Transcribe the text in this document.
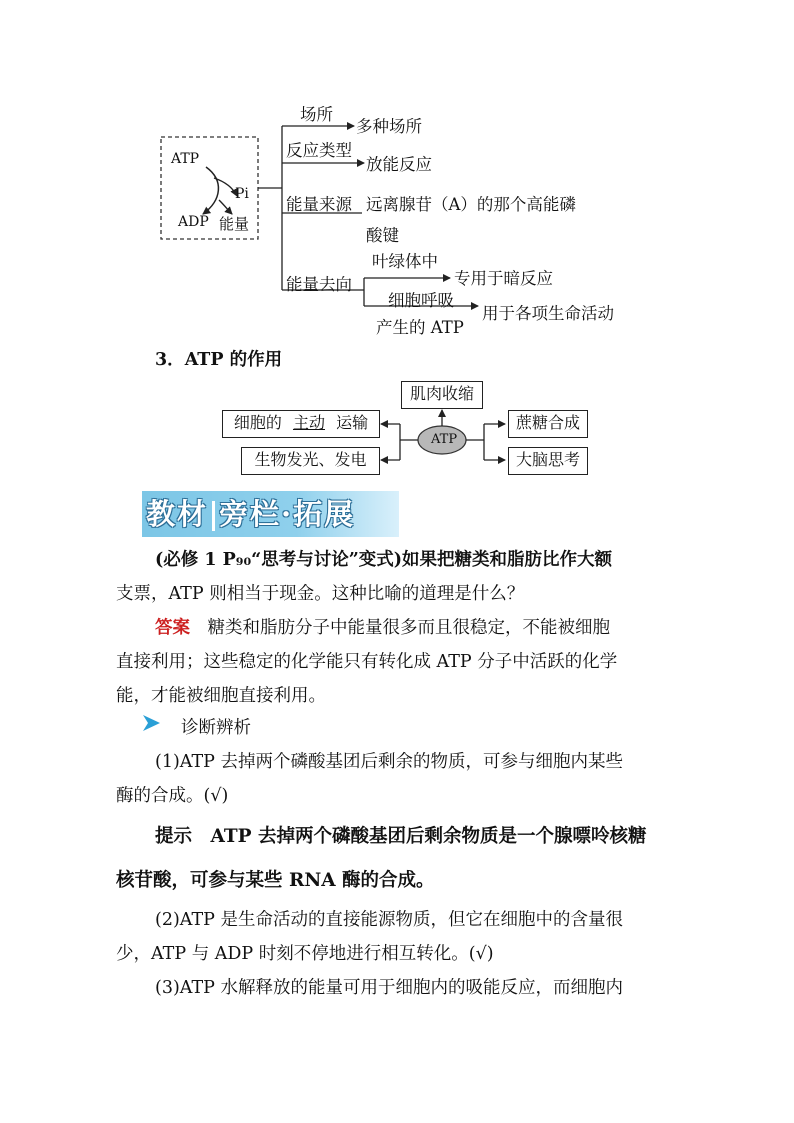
ATP
Pi
ADP 能量
场所
多种场所
反应类型
放能反应
能量来源 远离腺苷（A）的那个高能磷
酸键
能量去向
叶绿体中
专用于暗反应
细胞呼吸
产生的 ATP
用于各项生命活动
3．ATP 的作用
ATP
肌肉收缩
细胞的 主动 运输
生物发光、发电
蔗糖合成
大脑思考
教材 旁栏·拓展
(必修 1 P₉₀“思考与讨论”变式)如果把糖类和脂肪比作大额
支票，ATP 则相当于现金。这种比喻的道理是什么？
答案  糖类和脂肪分子中能量很多而且很稳定，不能被细胞
直接利用；这些稳定的化学能只有转化成 ATP 分子中活跃的化学
能，才能被细胞直接利用。
诊断辨析
(1)ATP 去掉两个磷酸基团后剩余的物质，可参与细胞内某些
酶的合成。(√)
提示  ATP 去掉两个磷酸基团后剩余物质是一个腺嘌呤核糖
核苷酸，可参与某些 RNA 酶的合成。
(2)ATP 是生命活动的直接能源物质，但它在细胞中的含量很
少，ATP 与 ADP 时刻不停地进行相互转化。(√)
(3)ATP 水解释放的能量可用于细胞内的吸能反应，而细胞内
